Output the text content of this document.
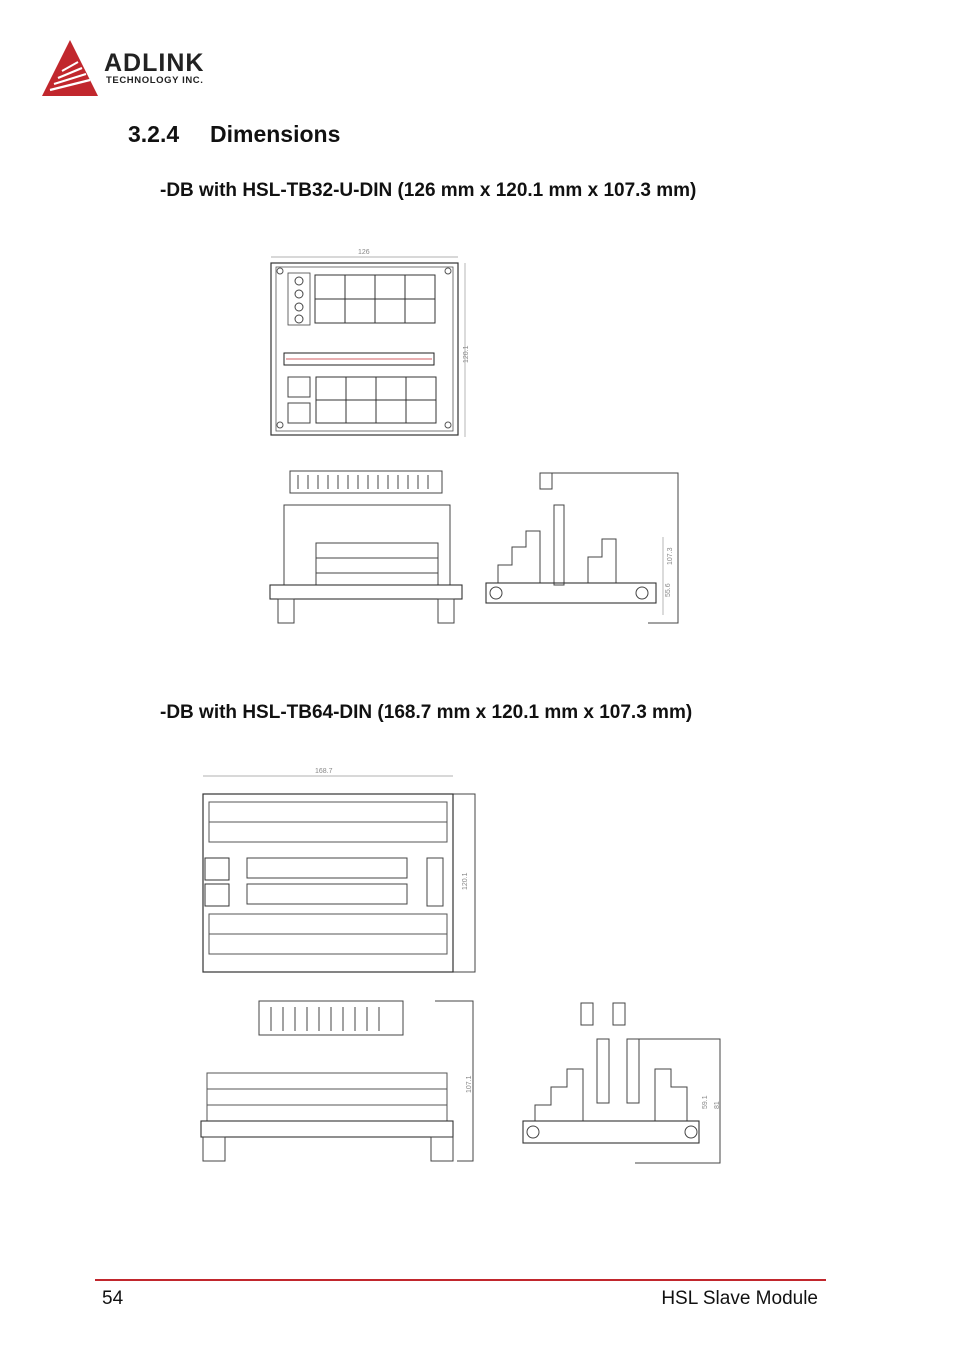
ADLINK
TECHNOLOGY INC.
3.2.4 Dimensions
-DB with HSL-TB32-U-DIN (126 mm x 120.1 mm x 107.3 mm)
126
120.1
107.3
55.6
-DB with HSL-TB64-DIN (168.7 mm x 120.1 mm x 107.3 mm)
168.7
120.1
107.1
59.1 81
54	HSL Slave Module
